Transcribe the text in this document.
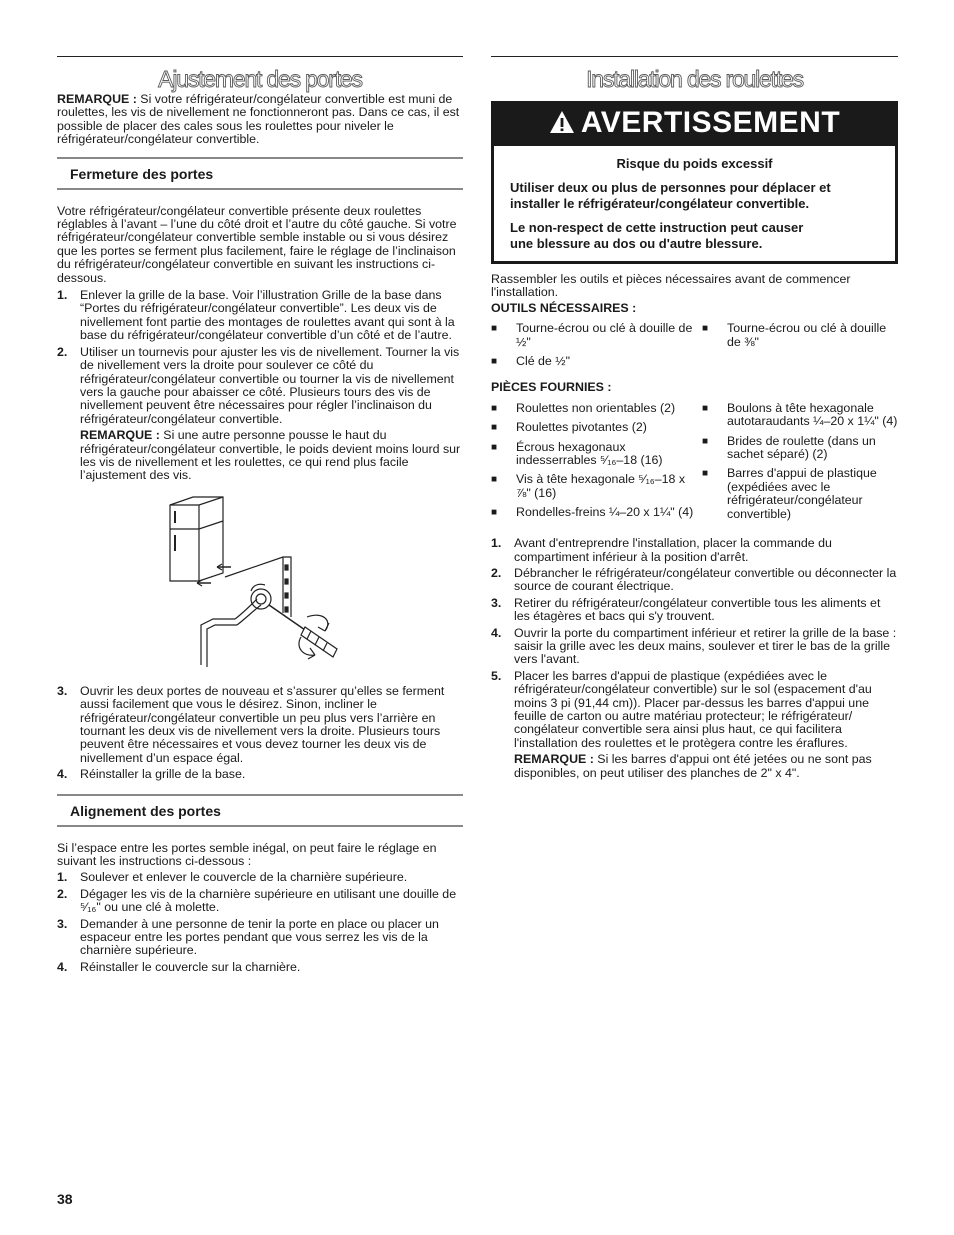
Ajustement des portes

REMARQUE : Si votre réfrigérateur/congélateur convertible est muni de roulettes, les vis de nivellement ne fonctionneront pas. Dans ce cas, il est possible de placer des cales sous les roulettes pour niveler le réfrigérateur/congélateur convertible.

Fermeture des portes

Votre réfrigérateur/congélateur convertible présente deux roulettes réglables à l’avant – l’une du côté droit et l’autre du côté gauche. Si votre réfrigérateur/congélateur convertible semble instable ou si vous désirez que les portes se ferment plus facilement, faire le réglage de l’inclinaison du réfrigérateur/congélateur convertible en suivant les instructions ci-dessous.

1. Enlever la grille de la base. Voir l’illustration Grille de la base dans “Portes du réfrigérateur/congélateur convertible”. Les deux vis de nivellement font partie des montages de roulettes avant qui sont à la base du réfrigérateur/congélateur convertible d’un côté et de l’autre.
2. Utiliser un tournevis pour ajuster les vis de nivellement. Tourner la vis de nivellement vers la droite pour soulever ce côté du réfrigérateur/congélateur convertible ou tourner la vis de nivellement vers la gauche pour abaisser ce côté. Plusieurs tours des vis de nivellement peuvent être nécessaires pour régler l’inclinaison du réfrigérateur/congélateur convertible.
REMARQUE : Si une autre personne pousse le haut du réfrigérateur/congélateur convertible, le poids devient moins lourd sur les vis de nivellement et les roulettes, ce qui rend plus facile l’ajustement des vis.
3. Ouvrir les deux portes de nouveau et s’assurer qu’elles se ferment aussi facilement que vous le désirez. Sinon, incliner le réfrigérateur/congélateur convertible un peu plus vers l’arrière en tournant les deux vis de nivellement vers la droite. Plusieurs tours peuvent être nécessaires et vous devez tourner les deux vis de nivellement d’un espace égal.
4. Réinstaller la grille de la base.
Alignement des portes

Si l’espace entre les portes semble inégal, on peut faire le réglage en suivant les instructions ci-dessous :

1. Soulever et enlever le couvercle de la charnière supérieure.
2. Dégager les vis de la charnière supérieure en utilisant une douille de ⁵⁄₁₆" ou une clé à molette.
3. Demander à une personne de tenir la porte en place ou placer un espaceur entre les portes pendant que vous serrez les vis de la charnière supérieure.
4. Réinstaller le couvercle sur la charnière.
Installation des roulettes
AVERTISSEMENT

Risque du poids excessif

Utiliser deux ou plus de personnes pour déplacer et installer le réfrigérateur/congélateur convertible.

Le non-respect de cette instruction peut causer une blessure au dos ou d'autre blessure.

Rassembler les outils et pièces nécessaires avant de commencer l'installation.

OUTILS NÉCESSAIRES :

■ Tourne-écrou ou clé à douille de ½"
■ Clé de ½"
■ Tourne-écrou ou clé à douille de ⅜"

PIÈCES FOURNIES :

■ Roulettes non orientables (2)
■ Roulettes pivotantes (2)
■ Écrous hexagonaux indesserrables ⁵⁄₁₆–18 (16)
■ Vis à tête hexagonale ⁵⁄₁₆–18 x ⅞" (16)
■ Rondelles-freins ¼–20 x 1¼" (4)
■ Boulons à tête hexagonale autotaraudants ¼–20 x 1¼" (4)
■ Brides de roulette (dans un sachet séparé) (2)
■ Barres d'appui de plastique (expédiées avec le réfrigérateur/congélateur convertible)
1. Avant d'entreprendre l'installation, placer la commande du compartiment inférieur à la position d'arrêt.
2. Débrancher le réfrigérateur/congélateur convertible ou déconnecter la source de courant électrique.
3. Retirer du réfrigérateur/congélateur convertible tous les aliments et les étagères et bacs qui s'y trouvent.
4. Ouvrir la porte du compartiment inférieur et retirer la grille de la base : saisir la grille avec les deux mains, soulever et tirer le bas de la grille vers l'avant.
5. Placer les barres d'appui de plastique (expédiées avec le réfrigérateur/congélateur convertible) sur le sol (espacement d'au moins 3 pi (91,44 cm)). Placer par-dessus les barres d'appui une feuille de carton ou autre matériau protecteur; le réfrigérateur/ congélateur convertible sera ainsi plus haut, ce qui facilitera l'installation des roulettes et le protègera contre les éraflures.
REMARQUE : Si les barres d'appui ont été jetées ou ne sont pas disponibles, on peut utiliser des planches de 2" x 4".
38
